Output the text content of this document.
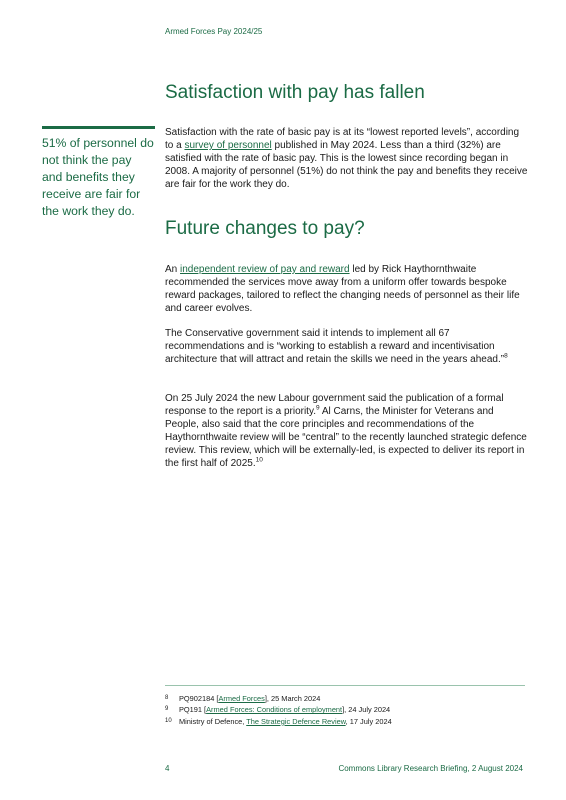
Armed Forces Pay 2024/25
Satisfaction with pay has fallen
51% of personnel do not think the pay and benefits they receive are fair for the work they do.

Satisfaction with the rate of basic pay is at its “lowest reported levels”, according to a survey of personnel published in May 2024. Less than a third (32%) are satisfied with the rate of basic pay. This is the lowest since recording began in 2008. A majority of personnel (51%) do not think the pay and benefits they receive are fair for the work they do.

Future changes to pay?

An independent review of pay and reward led by Rick Haythornthwaite recommended the services move away from a uniform offer towards bespoke reward packages, tailored to reflect the changing needs of personnel as their life and career evolves.

The Conservative government said it intends to implement all 67 recommendations and is “working to establish a reward and incentivisation architecture that will attract and retain the skills we need in the years ahead.”$^8$

On 25 July 2024 the new Labour government said the publication of a formal response to the report is a priority.$^9$ Al Carns, the Minister for Veterans and People, also said that the core principles and recommendations of the Haythornthwaite review will be “central” to the recently launched strategic defence review. This review, which will be externally-led, is expected to deliver its report in the first half of 2025.10

8	PQ902184 [Armed Forces], 25 March 2024
9	PQ191 [Armed Forces: Conditions of employment], 24 July 2024
10 Ministry of Defence, The Strategic Defence Review, 17 July 2024
4	Commons Library Research Briefing, 2 August 2024
